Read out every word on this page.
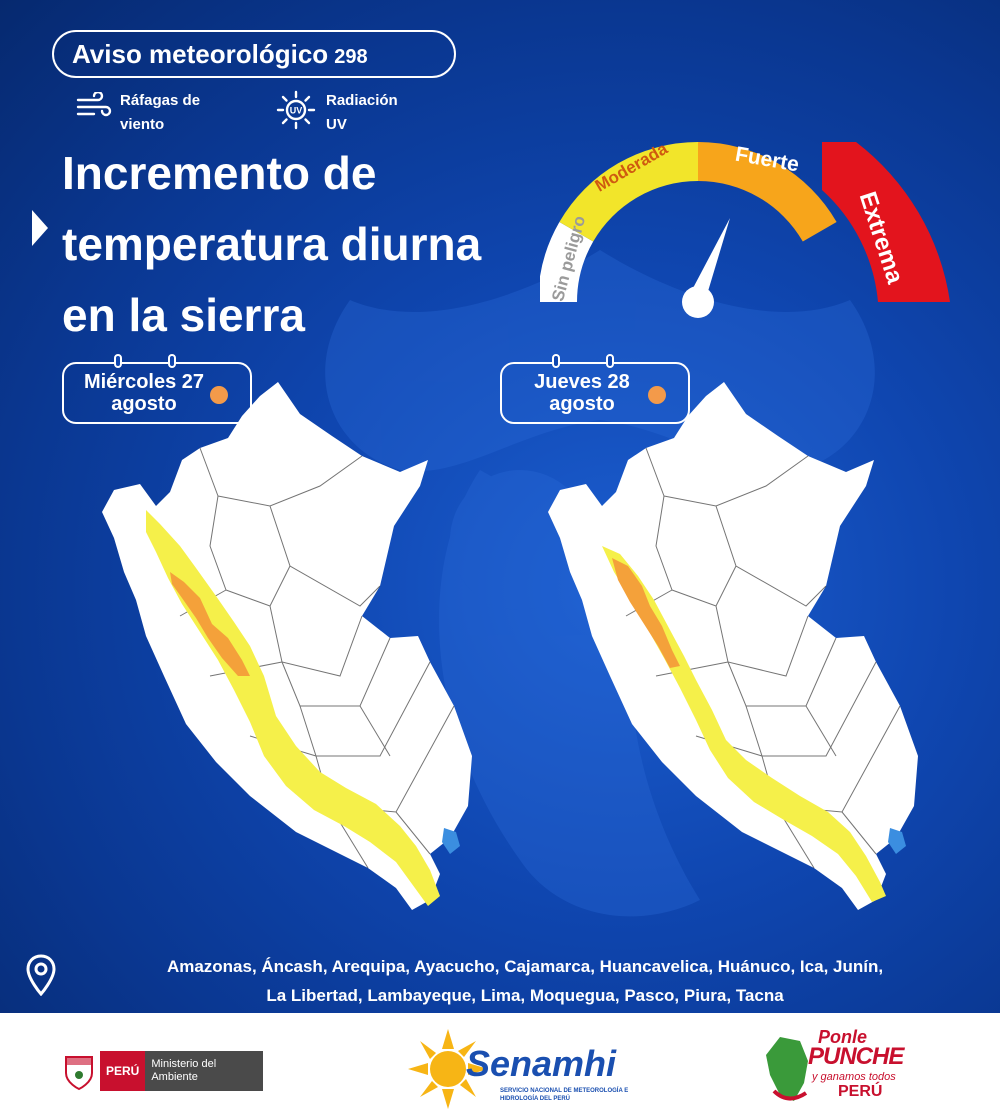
Aviso meteorológico 298
Ráfagas de
viento
UV
Radiación
UV
Incremento de
temperatura diurna
en la sierra
Sin peligro
Moderada	Fuerte
Extrema
Miércoles 27
agosto
Jueves 28
agosto
Amazonas, Áncash, Arequipa, Ayacucho, Cajamarca, Huancavelica, Huánuco, Ica, Junín,
La Libertad, Lambayeque, Lima, Moquegua, Pasco, Piura, Tacna
PERÚ	Ministerio del Ambiente	Senamhi
SERVICIO NACIONAL DE METEOROLOGÍA E HIDROLOGÍA DEL PERÚ
Ponle
PUNCHE
y ganamos todos
PERÚ
